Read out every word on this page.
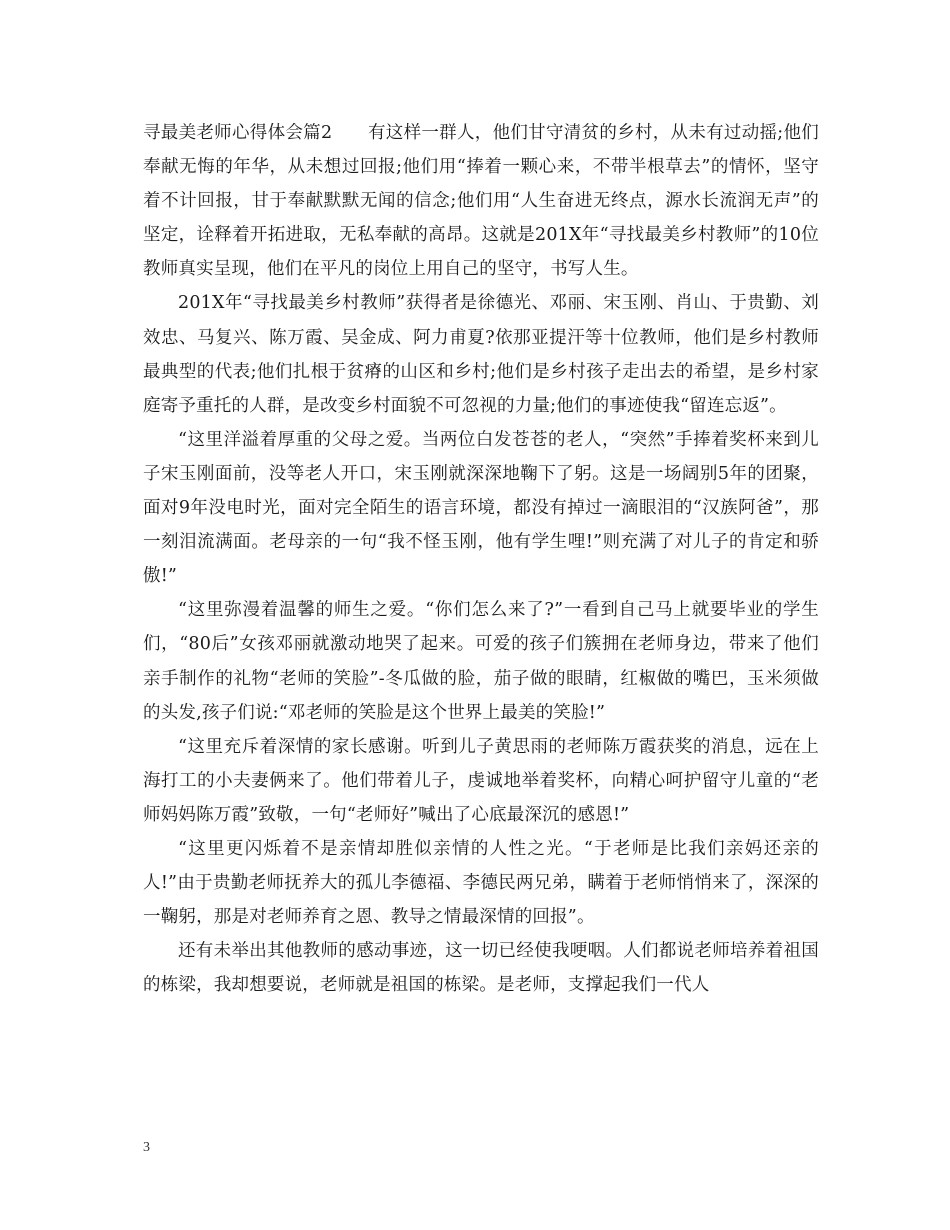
寻最美老师心得体会篇2　　有这样一群人，他们甘守清贫的乡村，从未有过动摇;他们奉献无悔的年华，从未想过回报;他们用“捧着一颗心来，不带半根草去”的情怀，坚守着不计回报，甘于奉献默默无闻的信念;他们用“人生奋进无终点，源水长流润无声”的坚定，诠释着开拓进取，无私奉献的高昂。这就是201X年“寻找最美乡村教师”的10位教师真实呈现，他们在平凡的岗位上用自己的坚守，书写人生。

201X年“寻找最美乡村教师”获得者是徐德光、邓丽、宋玉刚、肖山、于贵勤、刘效忠、马复兴、陈万霞、吴金成、阿力甫夏?依那亚提汗等十位教师，他们是乡村教师最典型的代表;他们扎根于贫瘠的山区和乡村;他们是乡村孩子走出去的希望，是乡村家庭寄予重托的人群，是改变乡村面貌不可忽视的力量;他们的事迹使我“留连忘返”。

“这里洋溢着厚重的父母之爱。当两位白发苍苍的老人，“突然”手捧着奖杯来到儿子宋玉刚面前，没等老人开口，宋玉刚就深深地鞠下了躬。这是一场阔别5年的团聚，面对9年没电时光，面对完全陌生的语言环境，都没有掉过一滴眼泪的“汉族阿爸”，那一刻泪流满面。老母亲的一句“我不怪玉刚，他有学生哩!”则充满了对儿子的肯定和骄傲!”

“这里弥漫着温馨的师生之爱。“你们怎么来了?”一看到自己马上就要毕业的学生们，“80后”女孩邓丽就激动地哭了起来。可爱的孩子们簇拥在老师身边，带来了他们亲手制作的礼物“老师的笑脸”-冬瓜做的脸，茄子做的眼睛，红椒做的嘴巴，玉米须做的头发,孩子们说:“邓老师的笑脸是这个世界上最美的笑脸!”

“这里充斥着深情的家长感谢。听到儿子黄思雨的老师陈万霞获奖的消息，远在上海打工的小夫妻俩来了。他们带着儿子，虔诚地举着奖杯，向精心呵护留守儿童的“老师妈妈陈万霞”致敬，一句“老师好”喊出了心底最深沉的感恩!”

“这里更闪烁着不是亲情却胜似亲情的人性之光。“于老师是比我们亲妈还亲的人!”由于贵勤老师抚养大的孤儿李德福、李德民两兄弟，瞒着于老师悄悄来了，深深的一鞠躬，那是对老师养育之恩、教导之情最深情的回报”。

还有未举出其他教师的感动事迹，这一切已经使我哽咽。人们都说老师培养着祖国的栋梁，我却想要说，老师就是祖国的栋梁。是老师，支撑起我们一代人

3
